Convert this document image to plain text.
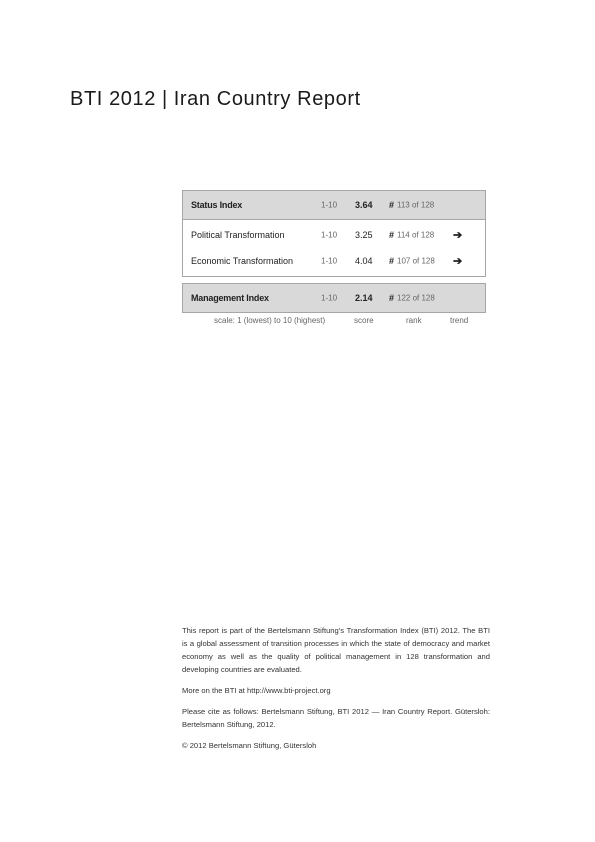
BTI 2012 | Iran Country Report
Status Index	1-10 3.64 # 113 of 128
Political Transformation	1-10 3.25 # 114 of 128 ➔
Economic Transformation	1-10 4.04 # 107 of 128 ➔
Management Index	1-10 2.14 # 122 of 128
scale: 1 (lowest) to 10 (highest)	score	rank	trend

This report is part of the Bertelsmann Stiftung’s Transformation Index (BTI) 2012. The BTI is a global assessment of transition processes in which the state of democracy and market economy as well as the quality of political management in 128 transformation and developing countries are evaluated.

More on the BTI at http://www.bti-project.org

Please cite as follows: Bertelsmann Stiftung, BTI 2012 — Iran Country Report. Gütersloh: Bertelsmann Stiftung, 2012.

© 2012 Bertelsmann Stiftung, Gütersloh
